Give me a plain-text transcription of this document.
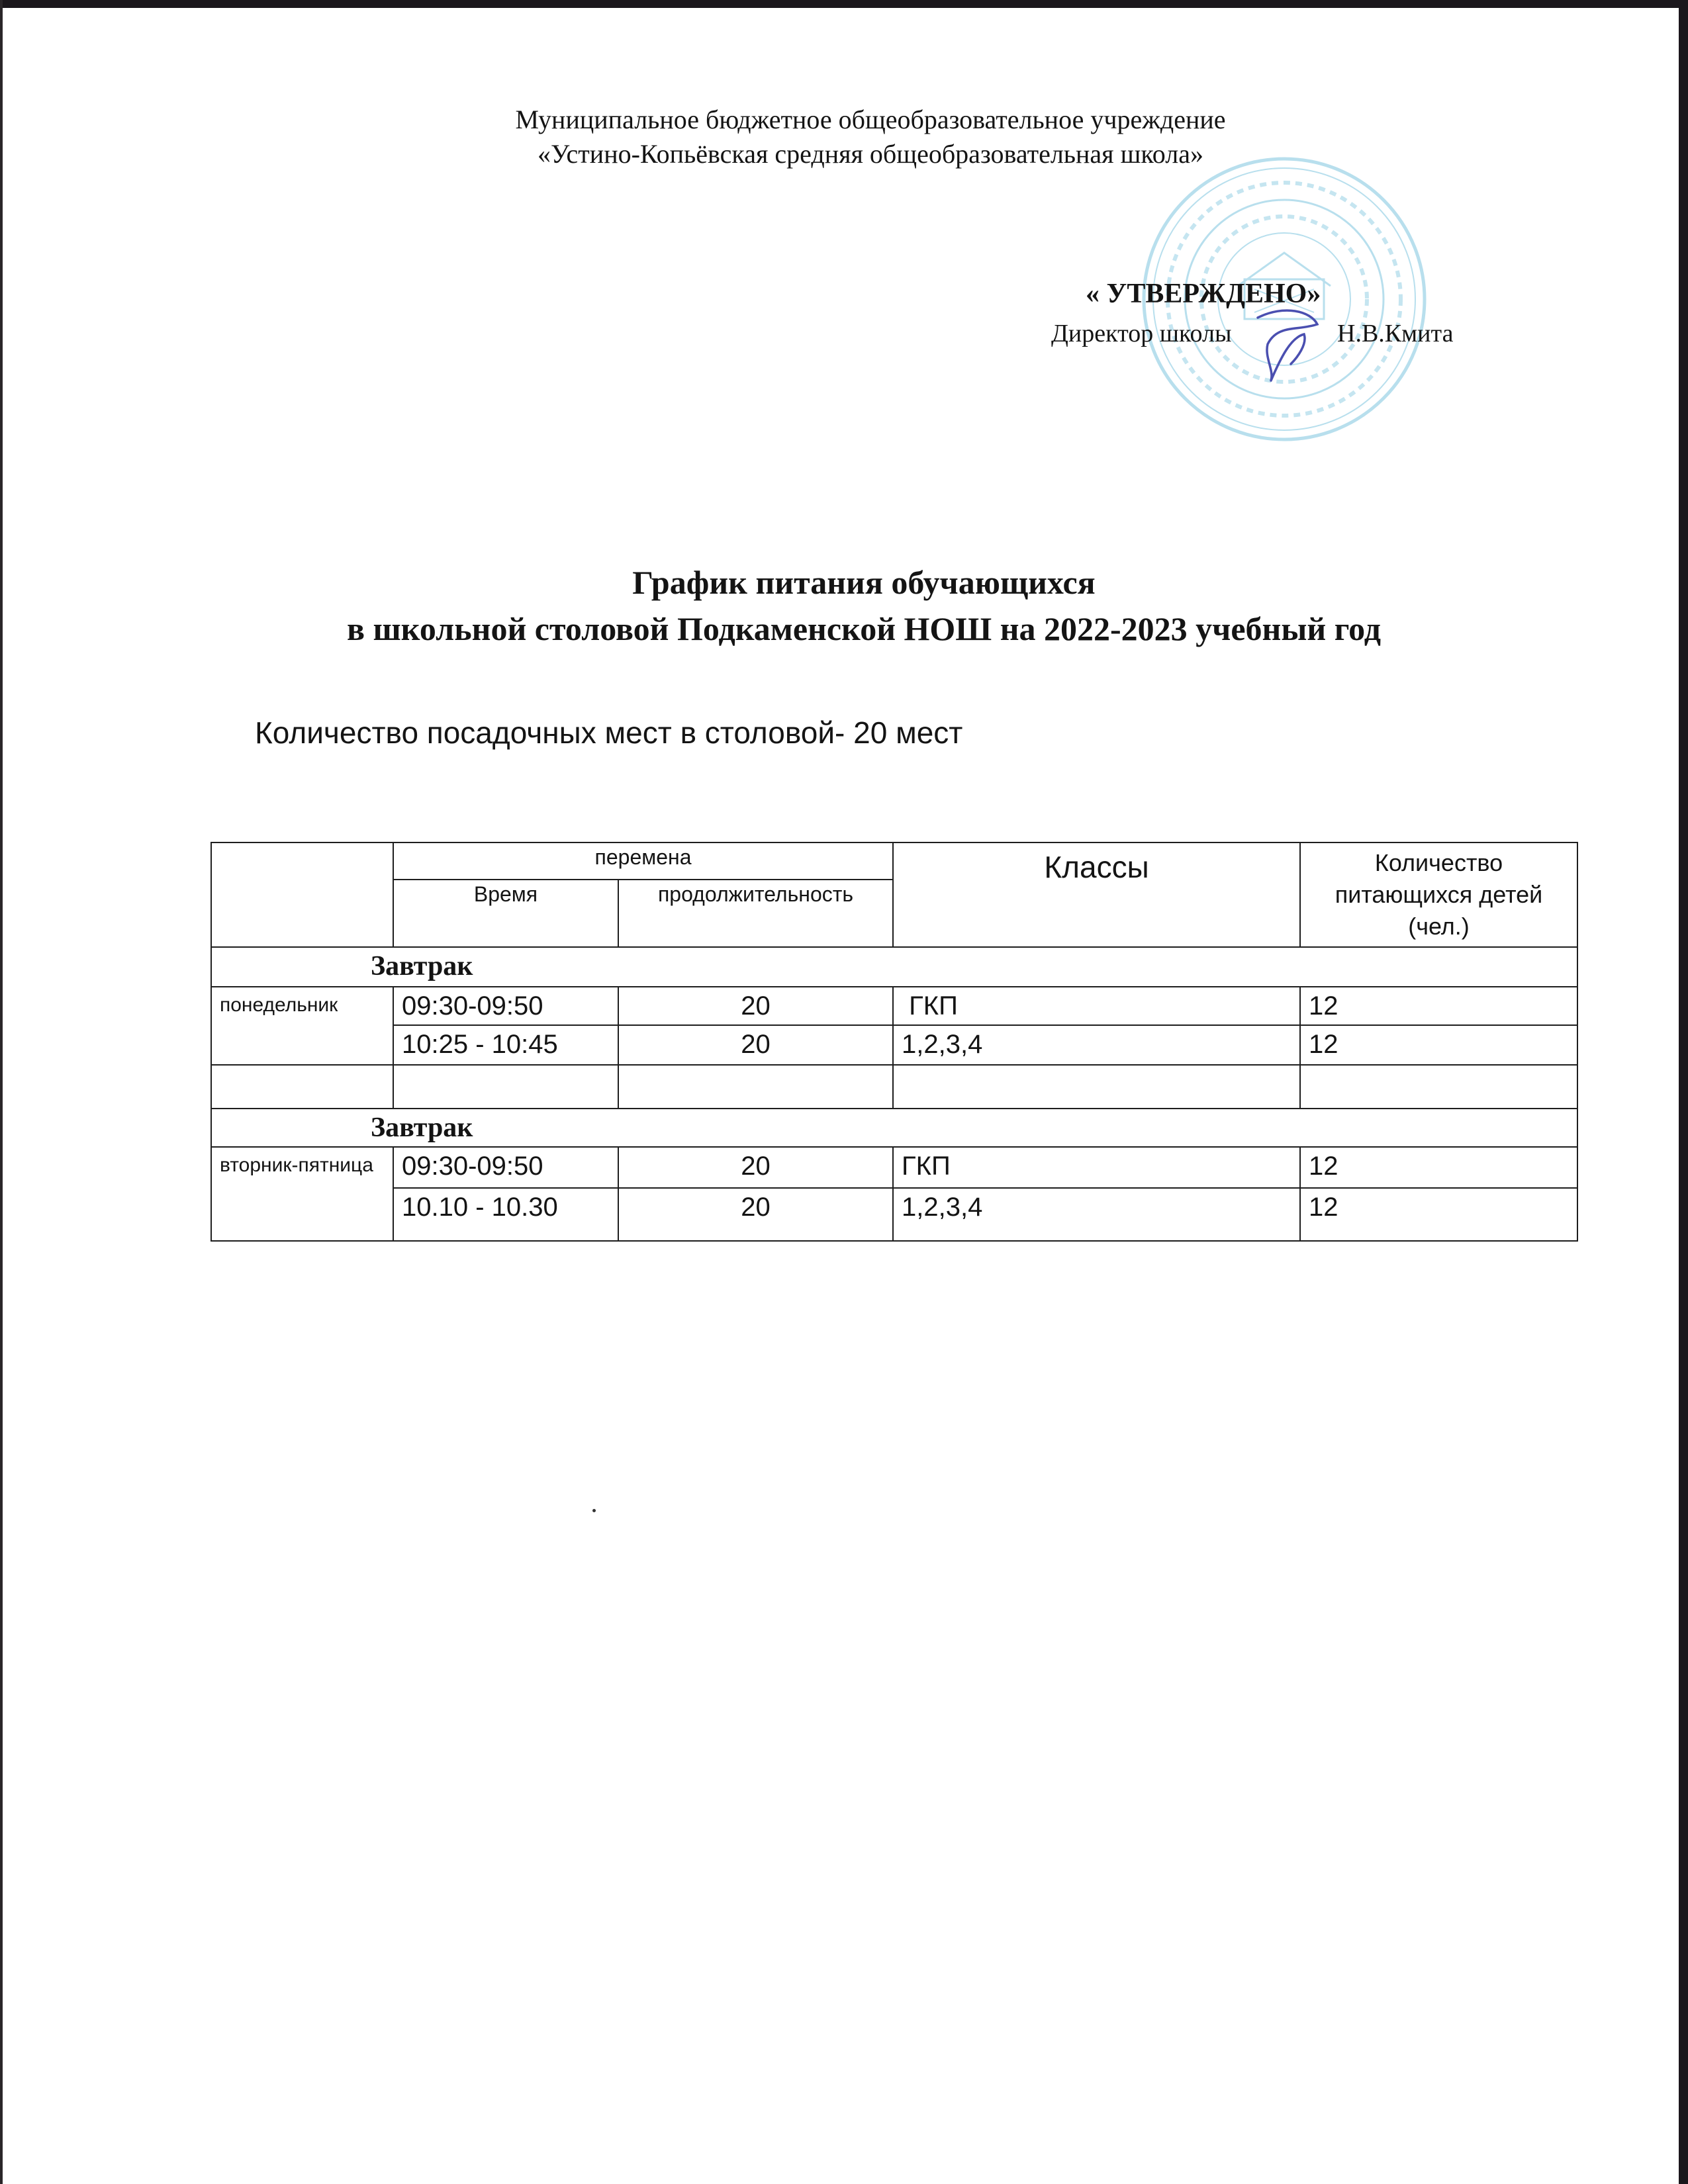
Муниципальное бюджетное общеобразовательное учреждение
«Устино-Копьёвская средняя общеобразовательная школа»
« УТВЕРЖДЕНО»
Директор школы	Н.В.Кмита
График питания обучающихся
в школьной столовой Подкаменской НОШ на 2022-2023 учебный год
Количество посадочных мест в столовой- 20 мест
	перемена		Классы	Количество питающихся детей (чел.)
	Время	продолжительность		
Завтрак				
понедельник	09:30-09:50	20	ГКП	12
	10:25 - 10:45	20	1,2,3,4	12

Завтрак				
вторник-пятница	09:30-09:50	20	ГКП	12
	10.10 - 10.30	20	1,2,3,4	12
